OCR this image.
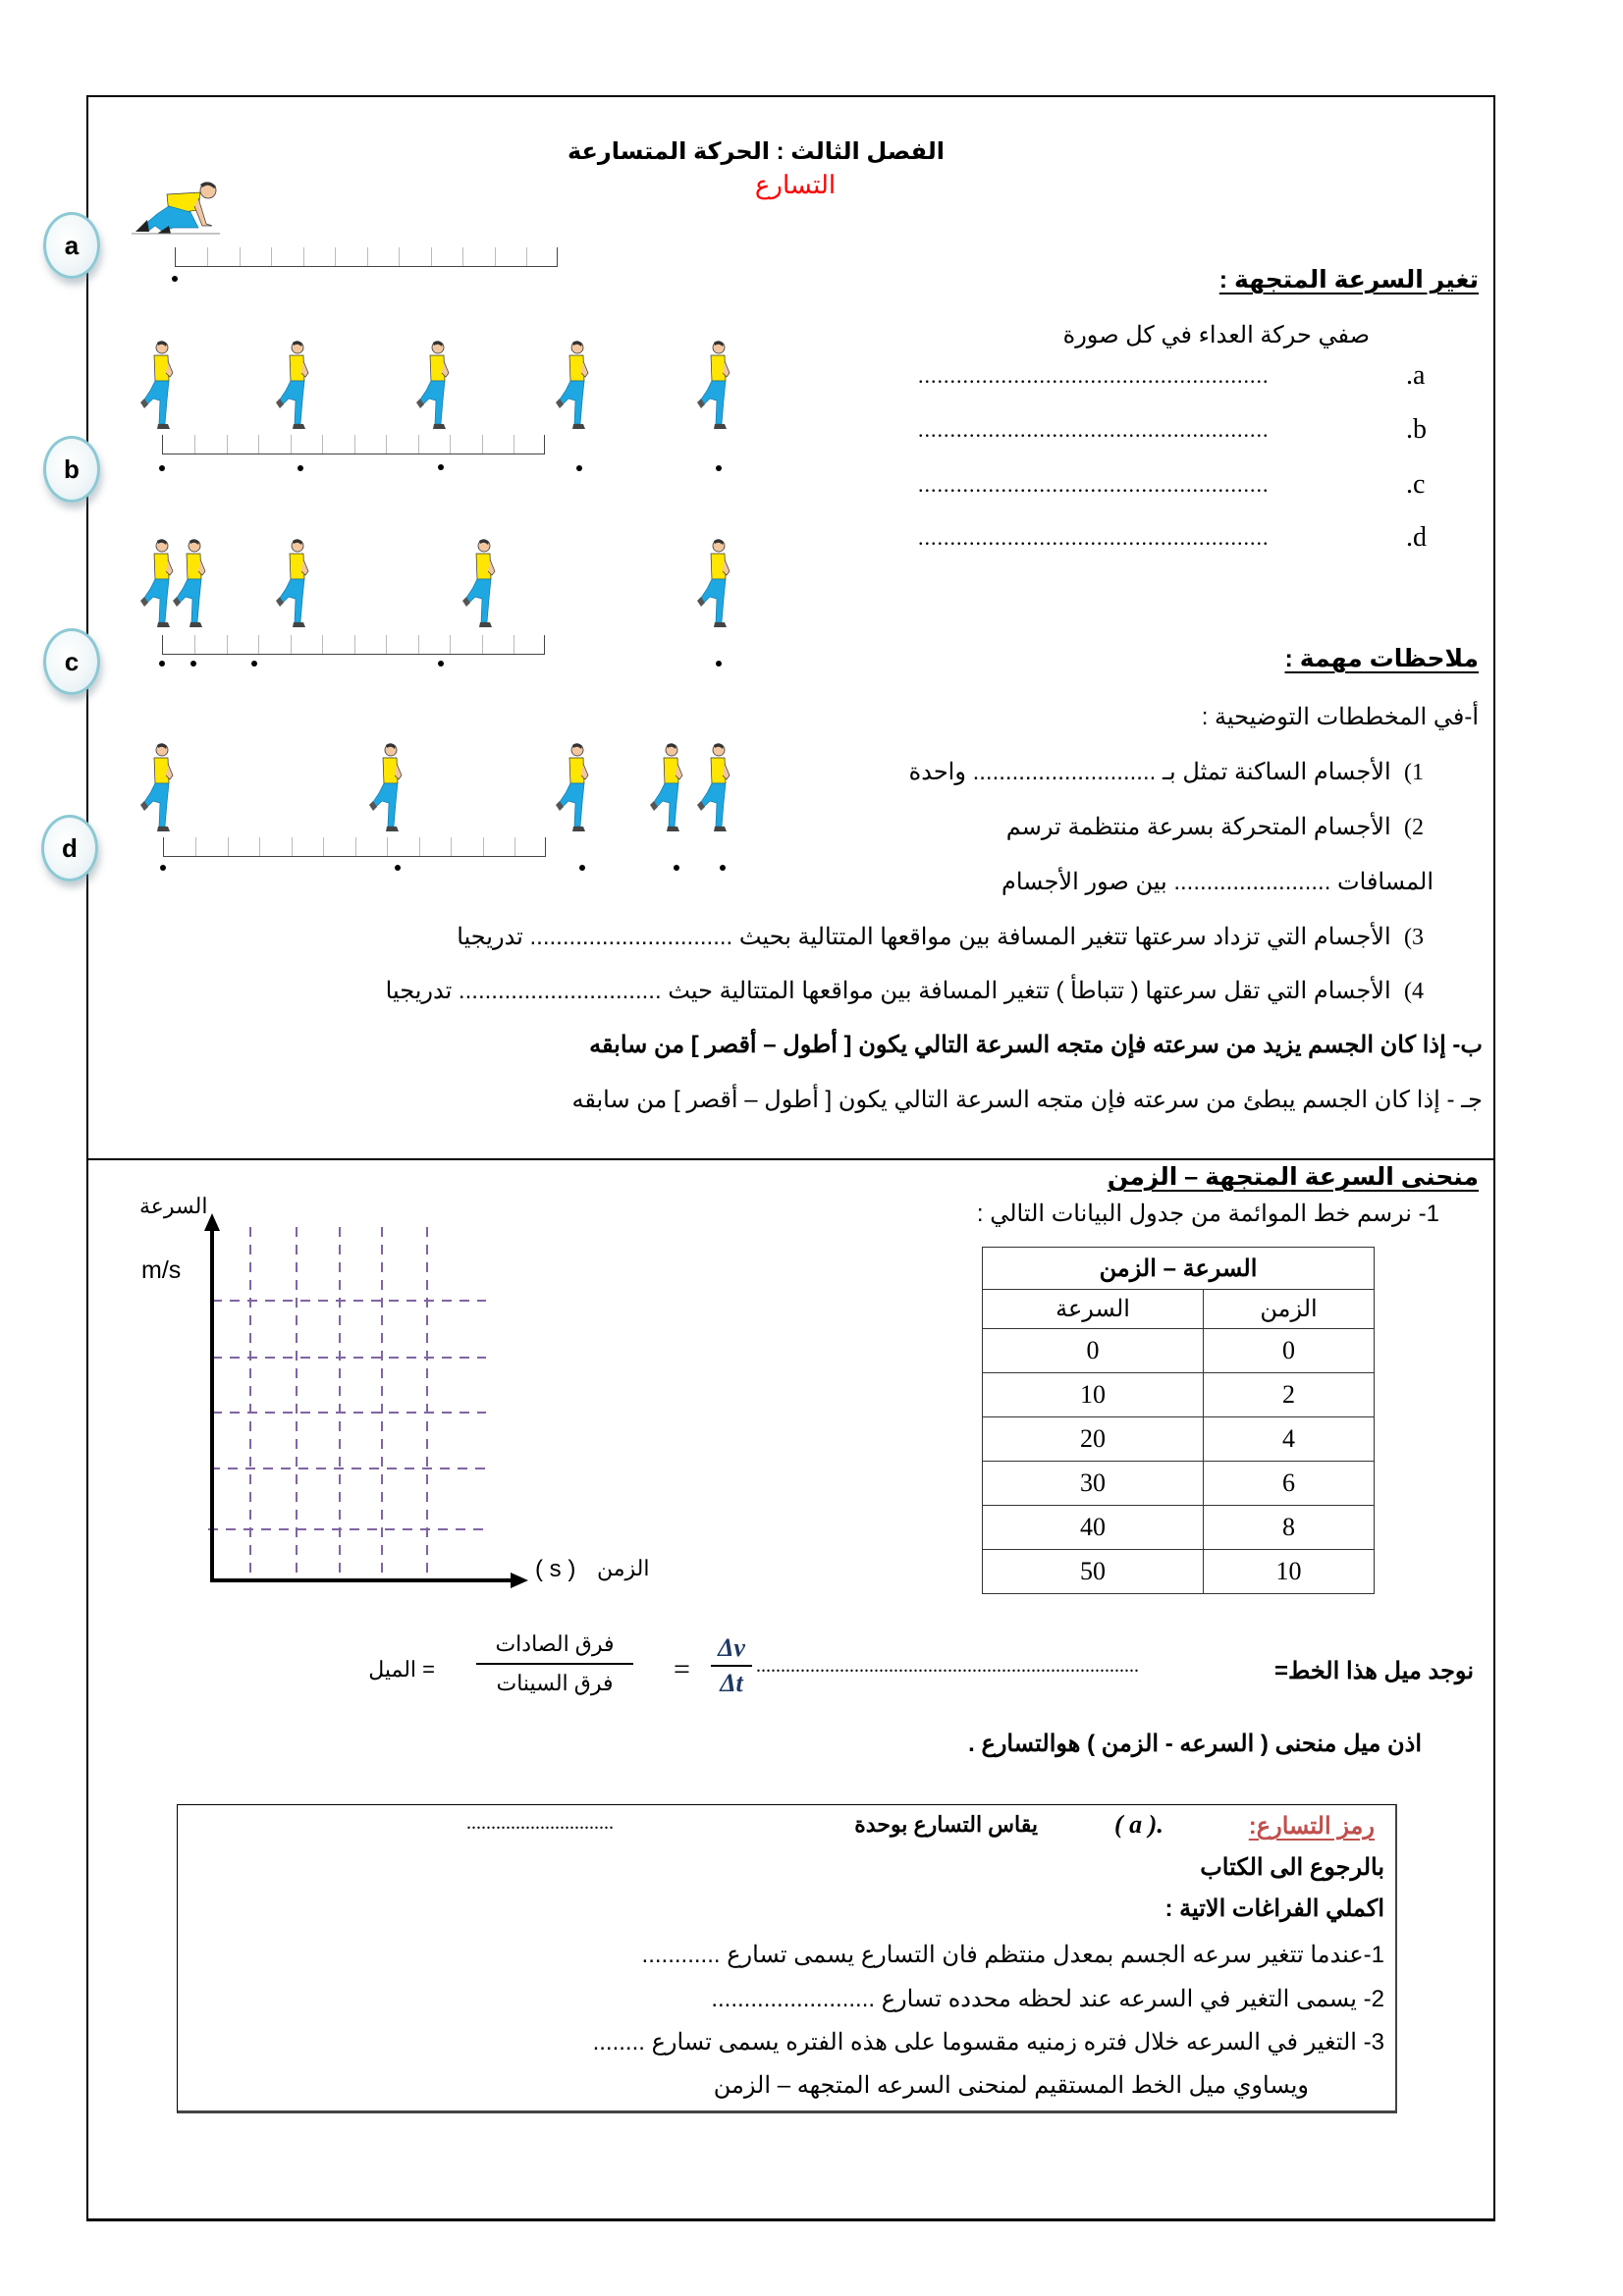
الفصل الثالث : الحركة المتسارعة
التسارع
a
b
c
d
تغير السرعة المتجهة :
صفي حركة العداء في كل صورة
.a
.......................................................
.b
.......................................................
.c
.......................................................
.d
.......................................................
ملاحظات مهمة :
أ-في المخططات التوضيحية :
1)  الأجسام الساكنة تمثل بـ ............................ واحدة
2)  الأجسام المتحركة بسرعة منتظمة ترسم
المسافات ........................ بين صور الأجسام
3)  الأجسام التي تزداد سرعتها تتغير المسافة بين مواقعها المتتالية بحيث ............................... تدريجيا
4)  الأجسام التي تقل سرعتها ( تتباطأ ) تتغير المسافة بين مواقعها المتتالية حيث ............................... تدريجيا
ب- إذا كان الجسم يزيد من سرعته فإن متجه السرعة التالي يكون [ أطول – أقصر ] من سابقه
جـ - إذا كان الجسم يبطئ من سرعته فإن متجه السرعة التالي يكون [ أطول – أقصر ] من سابقه
منحنى السرعة المتجهة – الزمن
1- نرسم خط الموائمة من جدول البيانات التالي :
السرعة – الزمن	
السرعة	الزمن
0	0
10	2
20	4
30	6
40	8
50	10
السرعة
m/s
( s ) الزمن
نوجد ميل هذا الخط=
..............................................................................
=
Δv
Δt
فرق الصادات
فرق السينات
= الميل
اذن ميل منحنى ( السرعه - الزمن ) هوالتسارع .
رمز التسارع:
( a ).
يقاس التسارع بوحدة
..............................
بالرجوع الى الكتاب
اكملي الفراغات الاتية :
1-عندما تتغير سرعه الجسم بمعدل منتظم فان التسارع يسمى تسارع ............
2- يسمى التغير في السرعه عند لحظه محدده تسارع .........................
3- التغير في السرعه خلال فتره زمنيه مقسوما على هذه الفتره يسمى تسارع ........
ويساوي ميل الخط المستقيم لمنحنى السرعه المتجهه – الزمن
